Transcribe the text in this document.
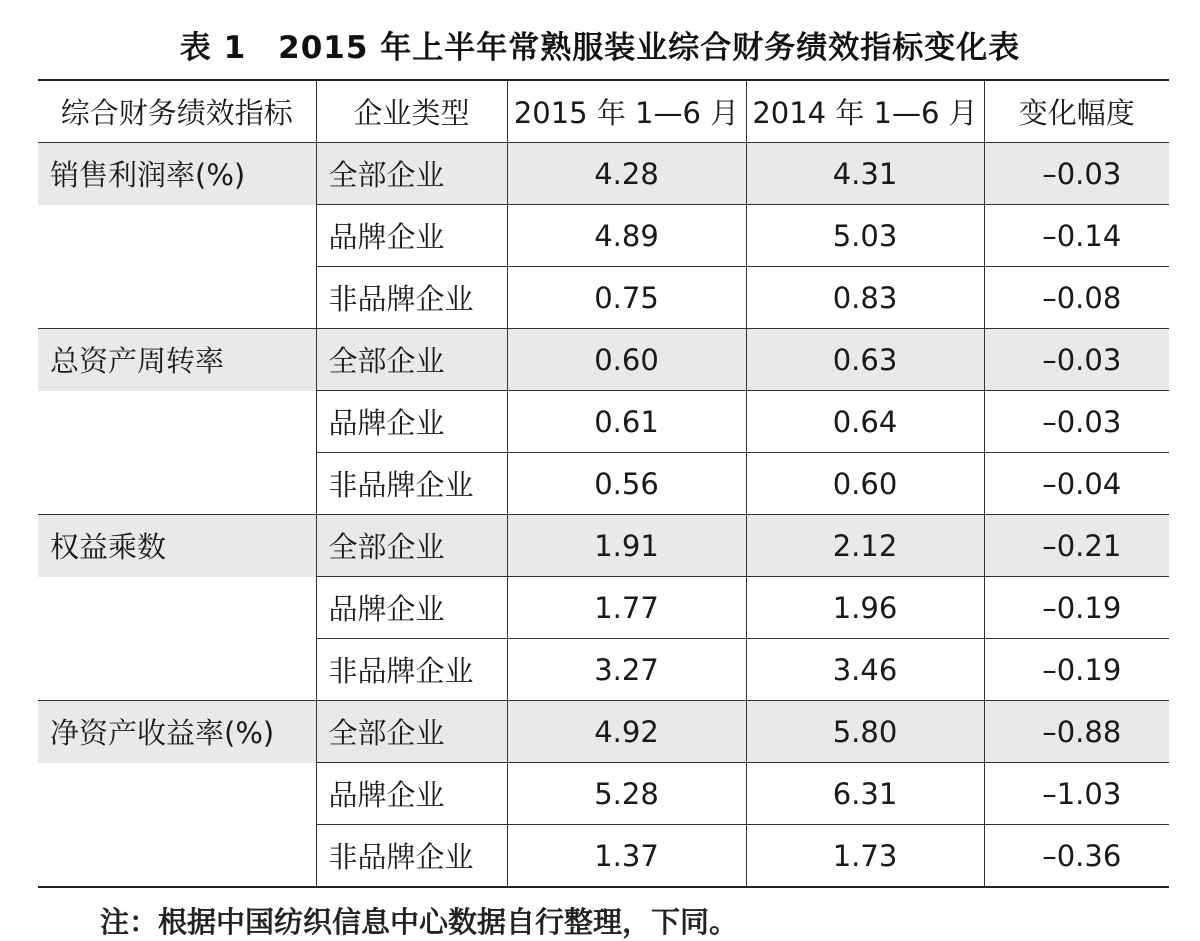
表 1　2015 年上半年常熟服装业综合财务绩效指标变化表
综合财务绩效指标	企业类型	2015 年 1—6 月	2014 年 1—6 月	变化幅度
销售利润率(%)	全部企业	4.28	4.31	–0.03
	品牌企业	4.89	5.03	–0.14
	非品牌企业	0.75	0.83	–0.08
总资产周转率	全部企业	0.60	0.63	–0.03
	品牌企业	0.61	0.64	–0.03
	非品牌企业	0.56	0.60	–0.04
权益乘数	全部企业	1.91	2.12	–0.21
	品牌企业	1.77	1.96	–0.19
	非品牌企业	3.27	3.46	–0.19
净资产收益率(%)	全部企业	4.92	5.80	–0.88
	品牌企业	5.28	6.31	–1.03
	非品牌企业	1.37	1.73	–0.36
注：根据中国纺织信息中心数据自行整理，下同。
